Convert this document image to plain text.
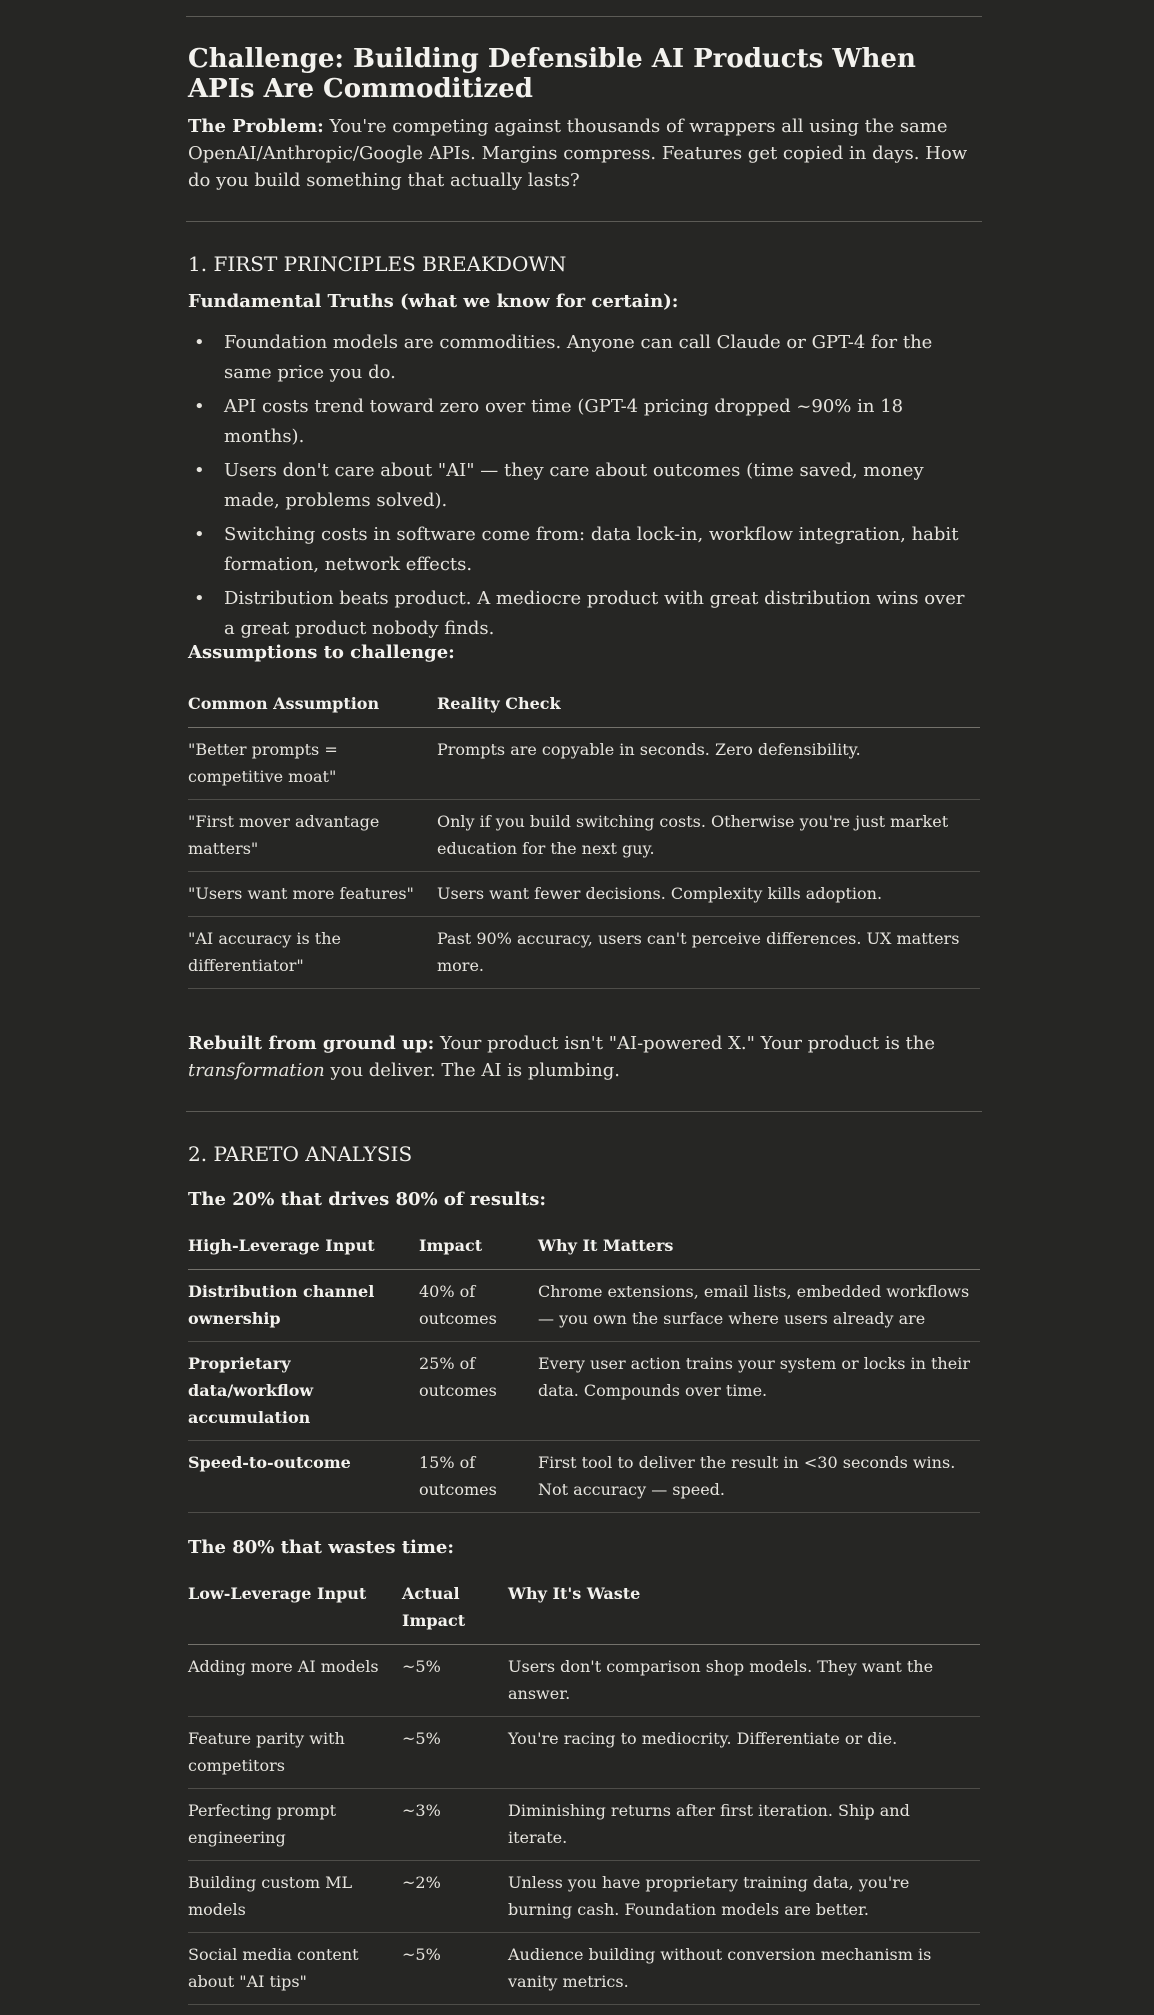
Challenge: Building Defensible AI Products When APIs Are Commoditized
The Problem: You're competing against thousands of wrappers all using the same OpenAI/Anthropic/Google APIs. Margins compress. Features get copied in days. How do you build something that actually lasts?
1. FIRST PRINCIPLES BREAKDOWN
Fundamental Truths (what we know for certain):
• Foundation models are commodities. Anyone can call Claude or GPT-4 for the same price you do.
• API costs trend toward zero over time (GPT-4 pricing dropped ~90% in 18 months).
• Users don't care about "AI" — they care about outcomes (time saved, money made, problems solved).
• Switching costs in software come from: data lock-in, workflow integration, habit formation, network effects.
• Distribution beats product. A mediocre product with great distribution wins over a great product nobody finds.
Assumptions to challenge:
Common Assumption	Reality Check
"Better prompts = competitive moat"	Prompts are copyable in seconds. Zero defensibility.
"First mover advantage matters"	Only if you build switching costs. Otherwise you're just market education for the next guy.
"Users want more features"	Users want fewer decisions. Complexity kills adoption.
"AI accuracy is the differentiator"	Past 90% accuracy, users can't perceive differences. UX matters more.
Rebuilt from ground up: Your product isn't "AI-powered X." Your product is the transformation you deliver. The AI is plumbing.
2. PARETO ANALYSIS
The 20% that drives 80% of results:
High-Leverage Input	Impact	Why It Matters
Distribution channel ownership	40% of outcomes	Chrome extensions, email lists, embedded workflows — you own the surface where users already are
Proprietary data/workflow accumulation	25% of outcomes	Every user action trains your system or locks in their data. Compounds over time.
Speed-to-outcome	15% of outcomes	First tool to deliver the result in <30 seconds wins. Not accuracy — speed.
The 80% that wastes time:
Low-Leverage Input	Actual Impact	Why It's Waste
Adding more AI models	~5%	Users don't comparison shop models. They want the answer.
Feature parity with competitors	~5%	You're racing to mediocrity. Differentiate or die.
Perfecting prompt engineering	~3%	Diminishing returns after first iteration. Ship and iterate.
Building custom ML models	~2%	Unless you have proprietary training data, you're burning cash. Foundation models are better.
Social media content about "AI tips"	~5%	Audience building without conversion mechanism is vanity metrics.
